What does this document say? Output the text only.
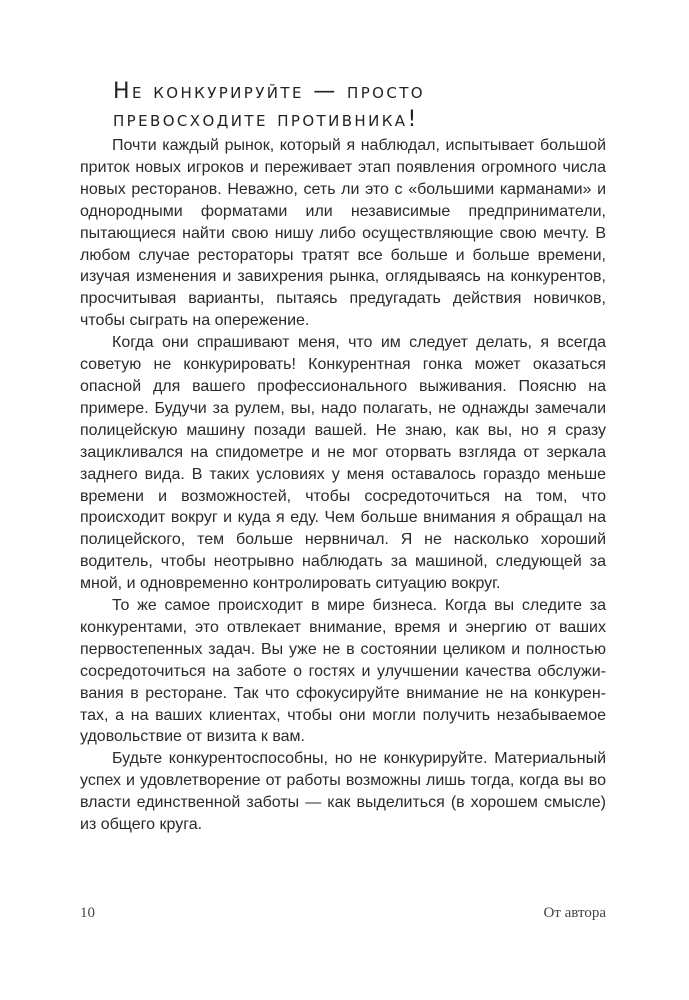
Не конкурируйте — просто
превосходите противника!

Почти каждый рынок, который я наблюдал, испытывает большой приток новых игроков и переживает этап появления огромного числа новых ресторанов. Неважно, сеть ли это с «большими карманами» и однородными форматами или независимые предприниматели, пытающиеся найти свою нишу либо осуществляющие свою мечту. В любом случае рестораторы тратят все больше и больше времени, изучая изменения и завихрения рынка, оглядываясь на конкурентов, просчитывая варианты, пытаясь предугадать действия новичков, чтобы сыграть на опережение.

Когда они спрашивают меня, что им следует делать, я всегда советую не конкурировать! Конкурентная гонка может оказаться опасной для вашего профессионального выживания. Поясню на примере. Будучи за рулем, вы, надо полагать, не однажды замечали полицейскую машину позади вашей. Не знаю, как вы, но я сразу зацикливался на спидометре и не мог оторвать взгляда от зеркала заднего вида. В таких условиях у меня оставалось гораздо меньше времени и возможностей, чтобы сосредоточиться на том, что происходит вокруг и куда я еду. Чем больше внимания я обращал на полицейского, тем больше нервничал. Я не насколько хороший водитель, чтобы неотрывно наблюдать за машиной, следующей за мной, и одновременно контролировать ситуацию вокруг.

То же самое происходит в мире бизнеса. Когда вы следите за конкурентами, это отвлекает внимание, время и энергию от ваших первостепенных задач. Вы уже не в состоянии целиком и полностью сосредоточиться на заботе о гостях и улучшении качества обслуживания в ресторане. Так что сфокусируйте внимание не на конкурентах, а на ваших клиентах, чтобы они могли получить незабываемое удовольствие от визита к вам.

Будьте конкурентоспособны, но не конкурируйте. Материальный успех и удовлетворение от работы возможны лишь тогда, когда вы во власти единственной заботы — как выделиться (в хорошем смысле) из общего круга.

10	От автора
